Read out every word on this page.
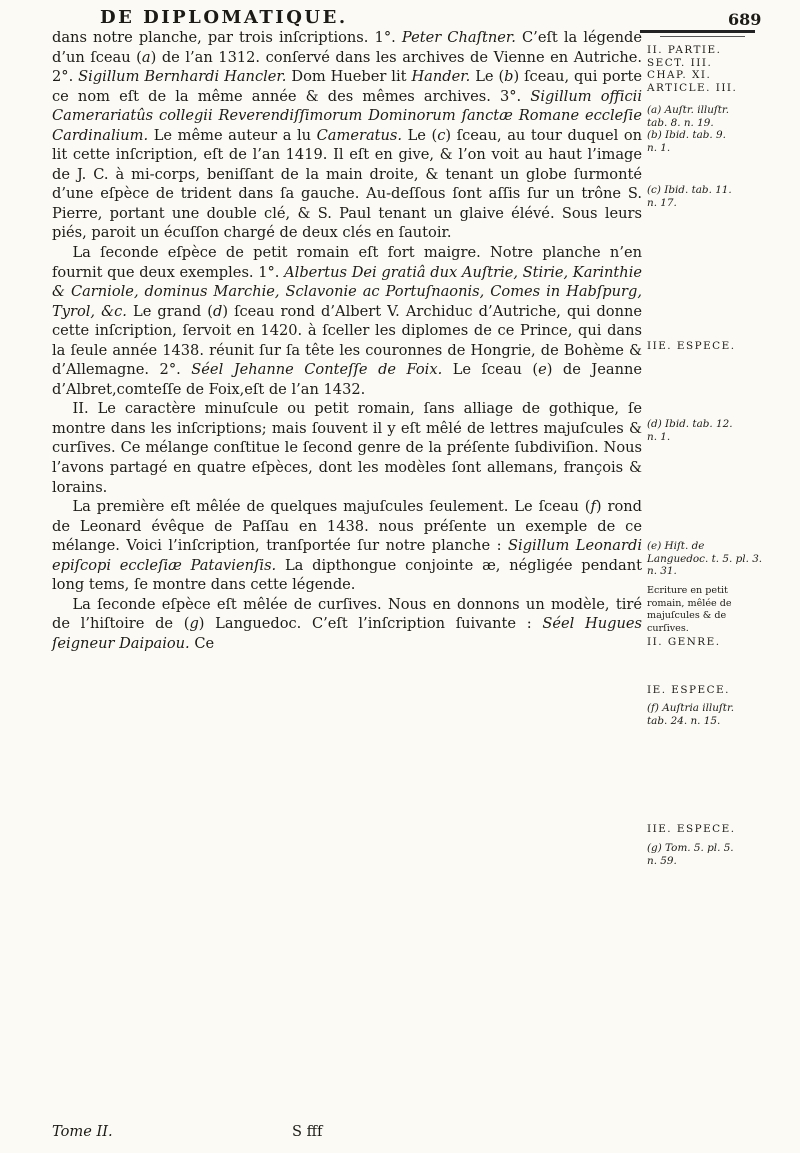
DE DIPLOMATIQUE.	689

dans notre planche, par trois inſcriptions. 1°. Peter Chaſtner. C’eſt la légende d’un ſceau (a) de l’an 1312. conſervé dans les archives de Vienne en Autriche. 2°. Sigillum Bernhardi Hancler. Dom Hueber lit Hander. Le (b) ſceau, qui porte ce nom eſt de la même année & des mêmes archives. 3°. Sigillum officii Camerariatûs collegii Reverendiſſimorum Dominorum ſanctæ Romane eccleſie Cardinalium. Le même auteur a lu Cameratus. Le (c) ſceau, au tour duquel on lit cette inſcription, eſt de l’an 1419. Il eſt en give, & l’on voit au haut l’image de J. C. à mi-corps, beniſſant de la main droite, & tenant un globe ſurmonté d’une eſpèce de trident dans ſa gauche. Au-deſſous ſont aſſis ſur un trône S. Pierre, portant une double clé, & S. Paul tenant un glaive élévé. Sous leurs piés, paroit un écuſſon chargé de deux clés en ſautoir.

La ſeconde eſpèce de petit romain eſt fort maigre. Notre planche n’en fournit que deux exemples. 1°. Albertus Dei gratiâ dux Auſtrie, Stirie, Karinthie & Carniole, dominus Marchie, Sclavonie ac Portuſnaonis, Comes in Habſpurg, Tyrol, &c. Le grand (d) ſceau rond d’Albert V. Archiduc d’Autriche, qui donne cette inſcription, ſervoit en 1420. à ſceller les diplomes de ce Prince, qui dans la ſeule année 1438. réunit ſur ſa tête les couronnes de Hongrie, de Bohème & d’Allemagne. 2°. Séel Jehanne Conteſſe de Foix. Le ſceau (e) de Jeanne d’Albret,comteſſe de Foix,eſt de l’an 1432.

II. Le caractère minuſcule ou petit romain, ſans alliage de gothique, ſe montre dans les inſcriptions; mais ſouvent il y eſt mêlé de lettres majuſcules & curſives. Ce mélange conſtitue le ſecond genre de la préſente ſubdiviſion. Nous l’avons partagé en quatre eſpèces, dont les modèles ſont allemans, françois & lorains.

La première eſt mêlée de quelques majuſcules ſeulement. Le ſceau (f) rond de Leonard évêque de Paſſau en 1438. nous préſente un exemple de ce mélange. Voici l’inſcription, tranſportée ſur notre planche : Sigillum Leonardi epiſcopi eccleſiæ Patavienſis. La dipthongue conjointe æ, négligée pendant long tems, ſe montre dans cette légende.

La ſeconde eſpèce eſt mêlée de curſives. Nous en donnons un modèle, tiré de l’hiſtoire de (g) Languedoc. C’eſt l’inſcription ſuivante : Séel Hugues ſeigneur Daipaiou. Ce

II. PARTIE.
SECT. III.
CHAP. XI.
ARTICLE. III.
(a) Auſtr. illuſtr.
tab. 8. n. 19.
(b) Ibid. tab. 9.
n. 1.
(c) Ibid. tab. 11.
n. 17.
IIE. ESPECE.
(d) Ibid. tab. 12.
n. 1.
(e) Hiſt. de Languedoc. t. 5. pl. 3.
n. 31.
Ecriture en petit
romain, mêlée de
majuſcules & de
curſives.
II. GENRE.
IE. ESPECE.
(f) Auſtria illuſtr.
tab. 24. n. 15.
IIE. ESPECE.
(g) Tom. 5. pl. 5.
n. 59.
Tome II.	S fff
